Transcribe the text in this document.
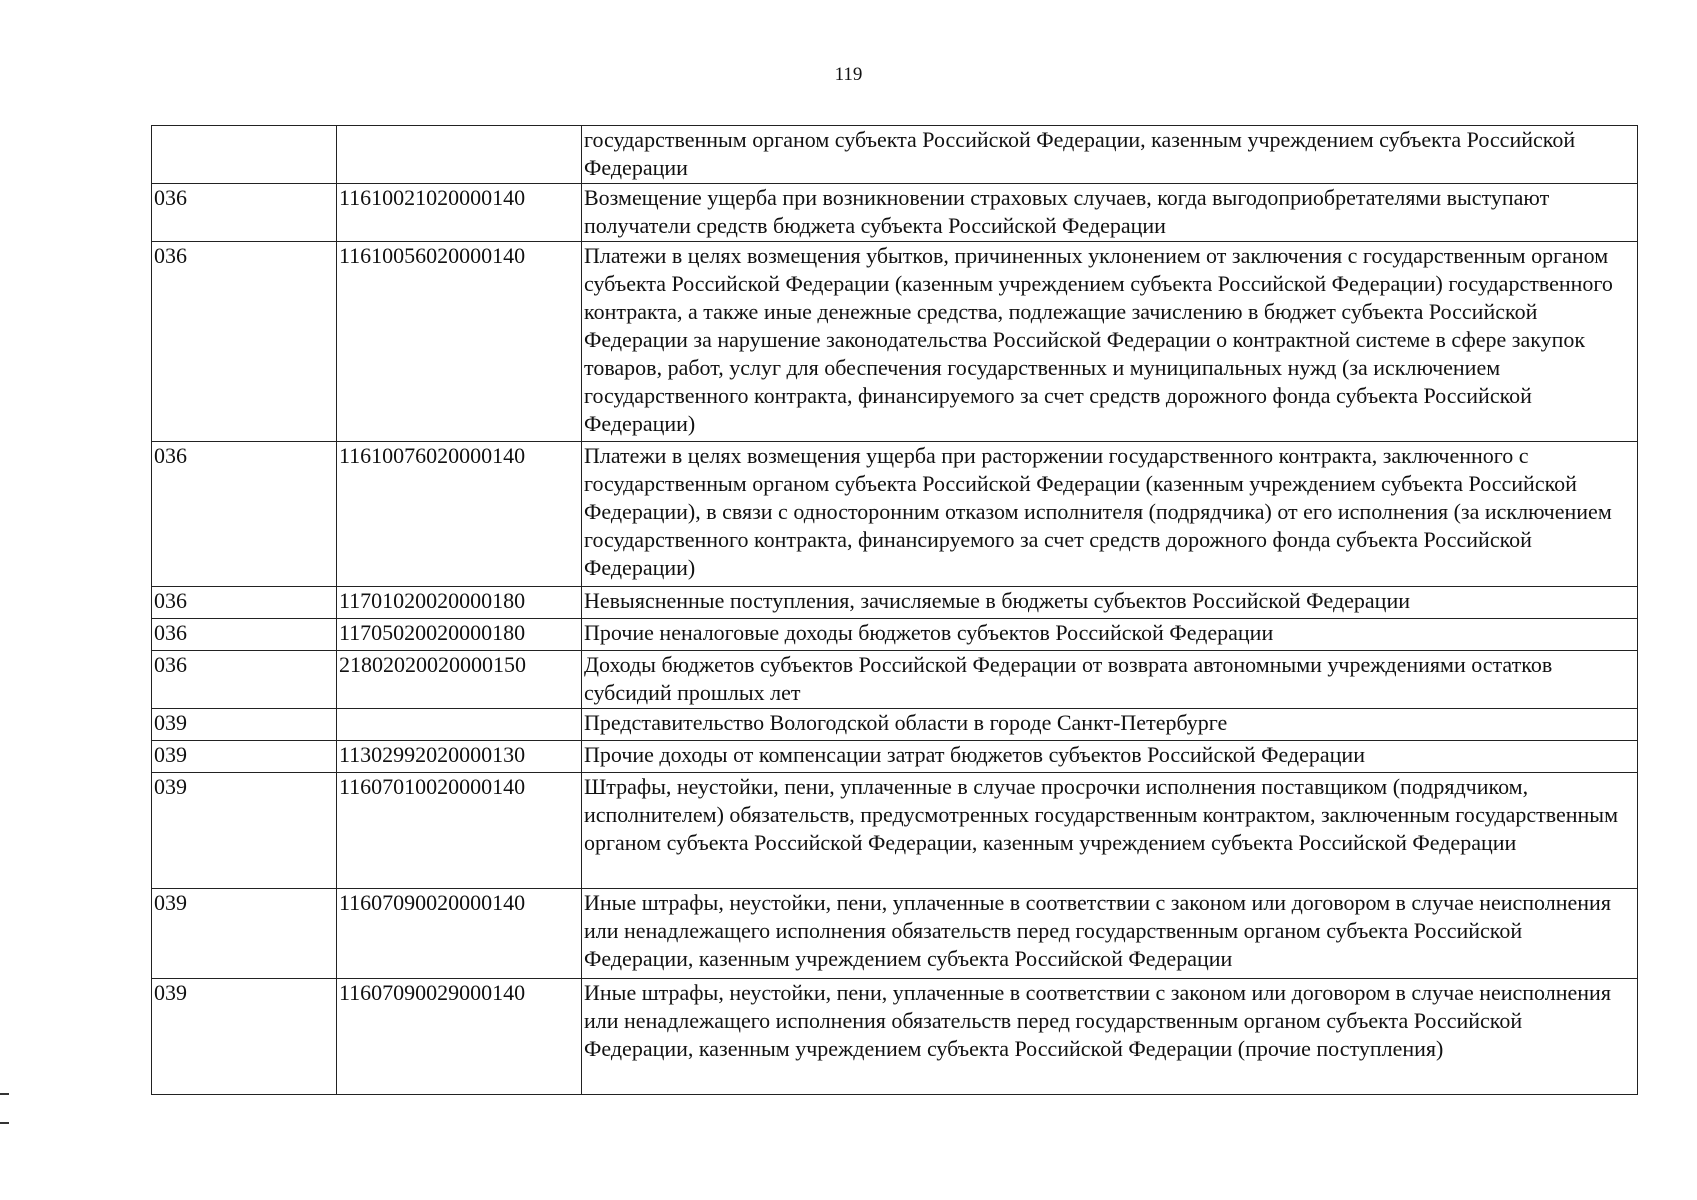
119
		государственным органом субъекта Российской Федерации, казенным учреждением субъекта Российской Федерации
036	11610021020000140	Возмещение ущерба при возникновении страховых случаев, когда выгодоприобретателями выступают получатели средств бюджета субъекта Российской Федерации
036	11610056020000140	Платежи в целях возмещения убытков, причиненных уклонением от заключения с государственным органом субъекта Российской Федерации (казенным учреждением субъекта Российской Федерации) государственного контракта, а также иные денежные средства, подлежащие зачислению в бюджет субъекта Российской Федерации за нарушение законодательства Российской Федерации о контрактной системе в сфере закупок товаров, работ, услуг для обеспечения государственных и муниципальных нужд (за исключением государственного контракта, финансируемого за счет средств дорожного фонда субъекта Российской Федерации)
036	11610076020000140	Платежи в целях возмещения ущерба при расторжении государственного контракта, заключенного с государственным органом субъекта Российской Федерации (казенным учреждением субъекта Российской Федерации), в связи с односторонним отказом исполнителя (подрядчика) от его исполнения (за исключением государственного контракта, финансируемого за счет средств дорожного фонда субъекта Российской Федерации)
036	11701020020000180	Невыясненные поступления, зачисляемые в бюджеты субъектов Российской Федерации
036	11705020020000180	Прочие неналоговые доходы бюджетов субъектов Российской Федерации
036	21802020020000150	Доходы бюджетов субъектов Российской Федерации от возврата автономными учреждениями остатков субсидий прошлых лет
039		Представительство Вологодской области в городе Санкт-Петербурге
039	11302992020000130	Прочие доходы от компенсации затрат бюджетов субъектов Российской Федерации
039	11607010020000140	Штрафы, неустойки, пени, уплаченные в случае просрочки исполнения поставщиком (подрядчиком, исполнителем) обязательств, предусмотренных государственным контрактом, заключенным государственным органом субъекта Российской Федерации, казенным учреждением субъекта Российской Федерации
039	11607090020000140	Иные штрафы, неустойки, пени, уплаченные в соответствии с законом или договором в случае неисполнения или ненадлежащего исполнения обязательств перед государственным органом субъекта Российской Федерации, казенным учреждением субъекта Российской Федерации
039	11607090029000140	Иные штрафы, неустойки, пени, уплаченные в соответствии с законом или договором в случае неисполнения или ненадлежащего исполнения обязательств перед государственным органом субъекта Российской Федерации, казенным учреждением субъекта Российской Федерации (прочие поступления)
